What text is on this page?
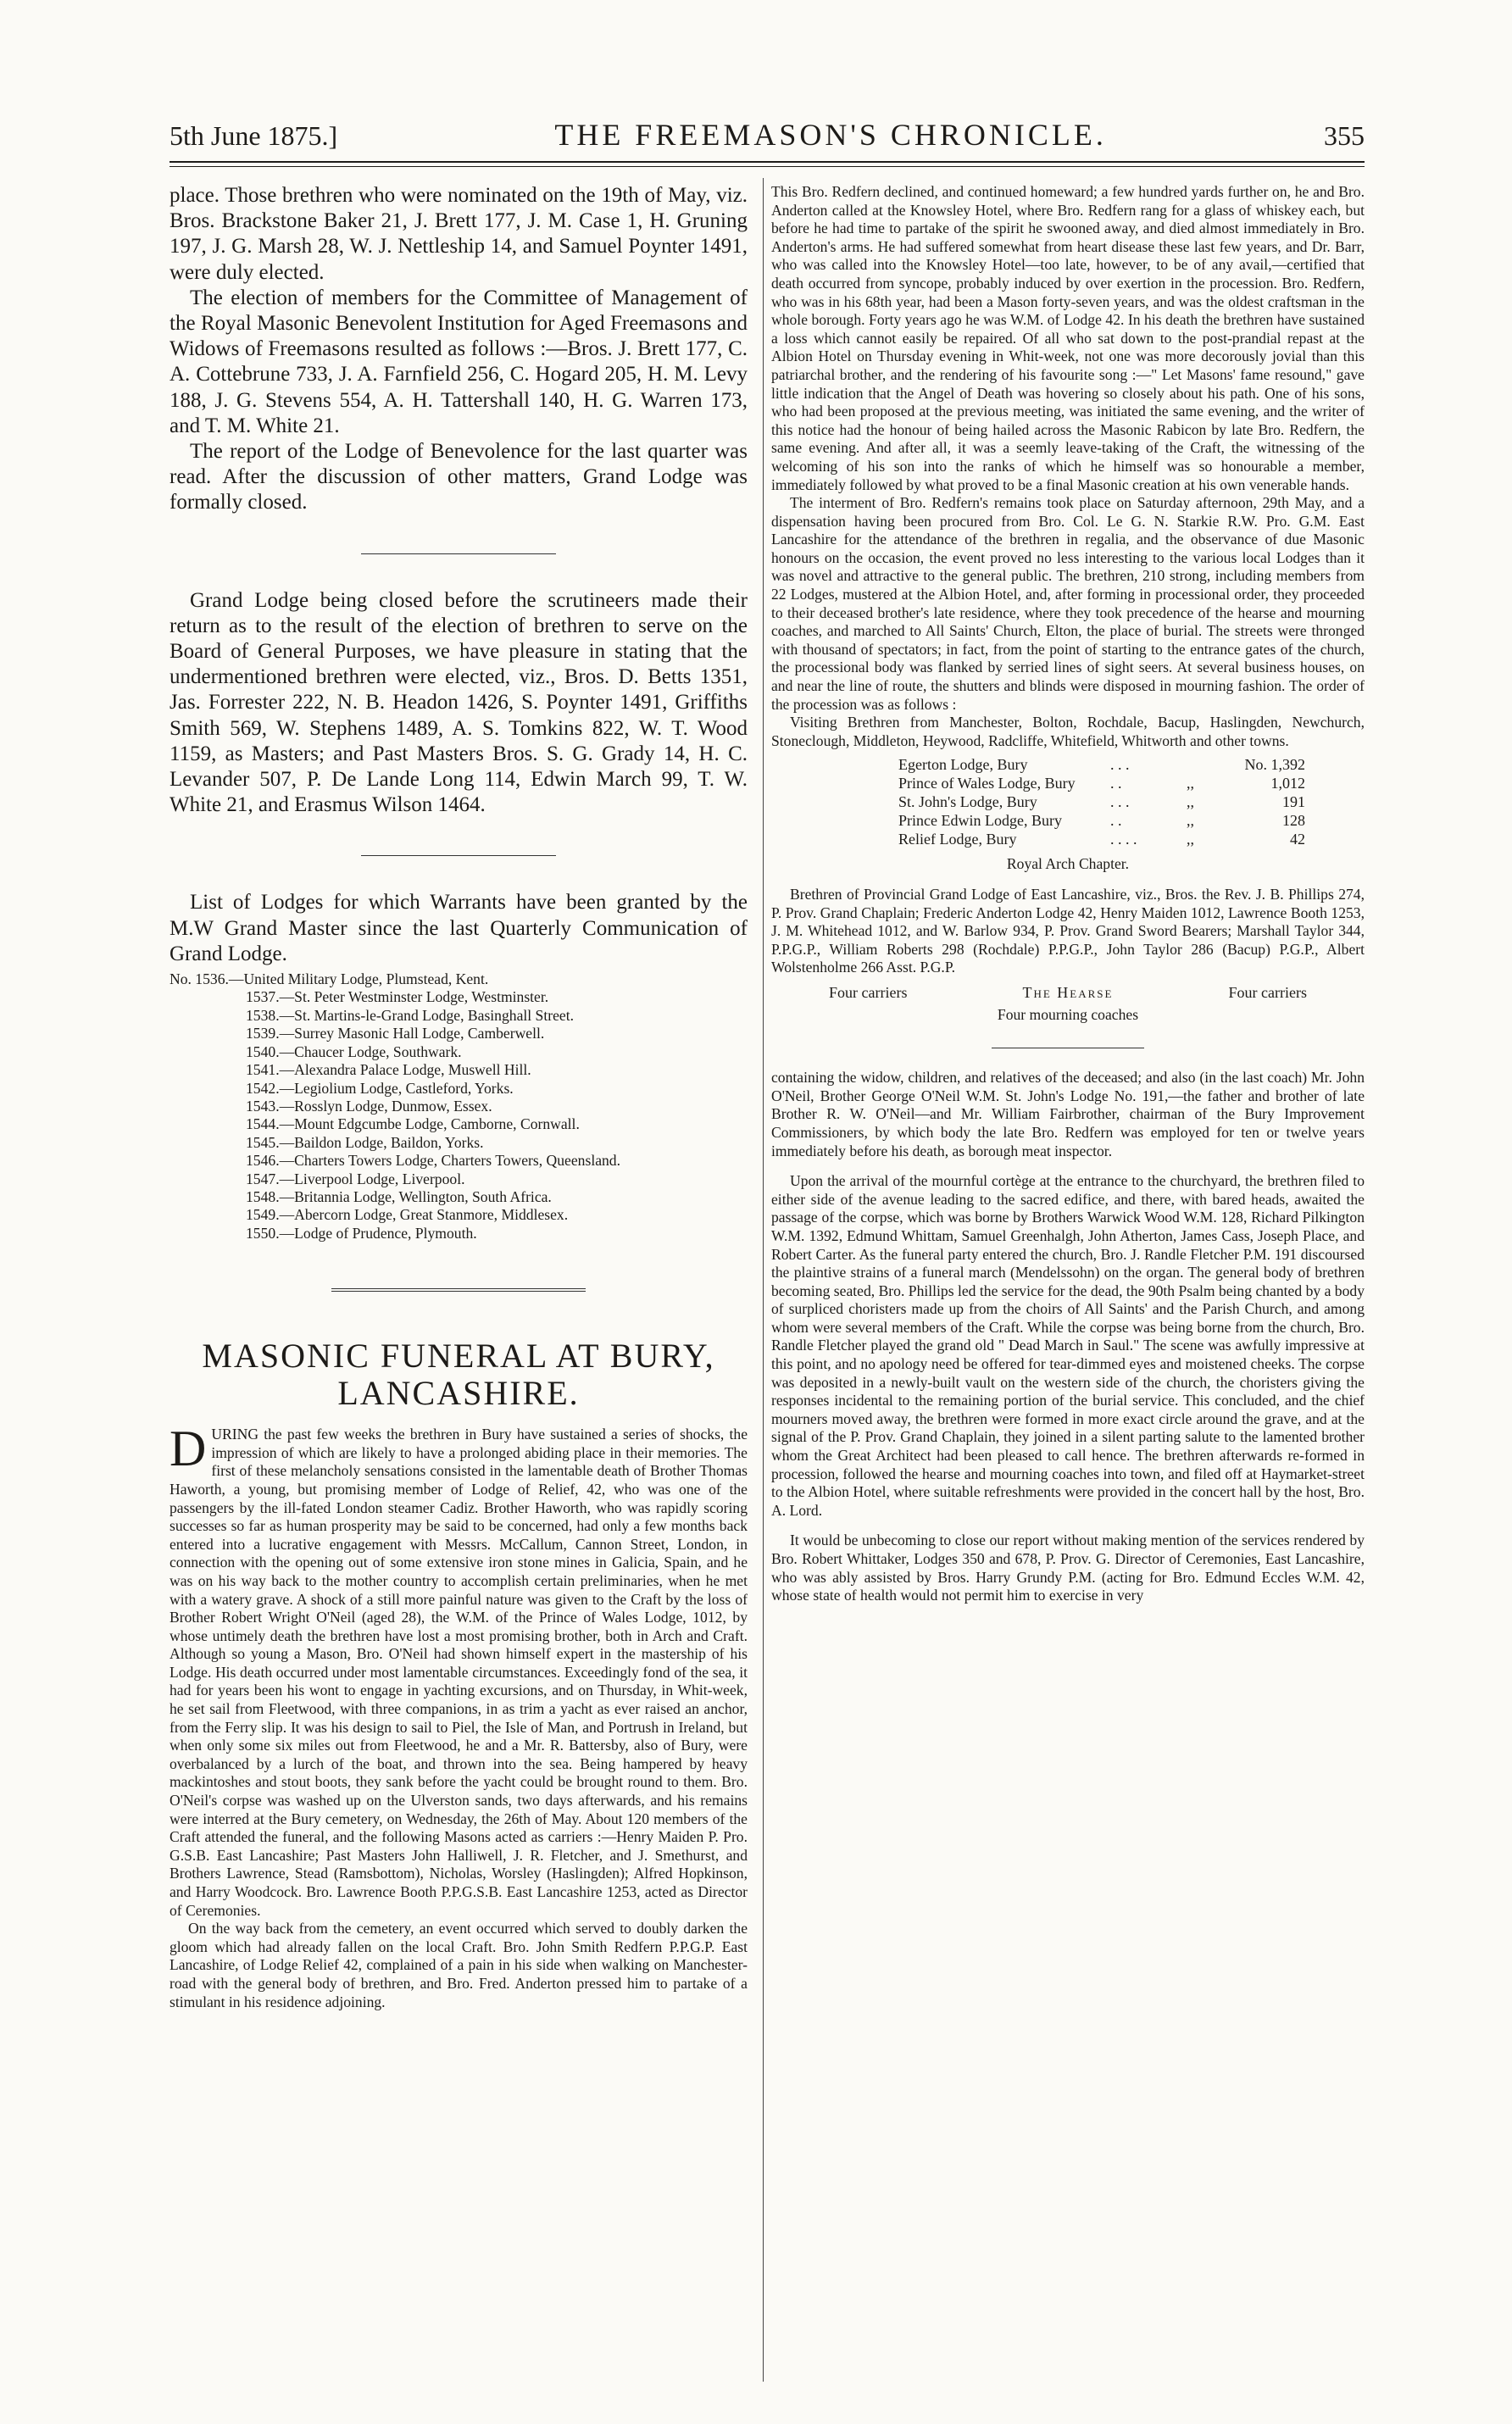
5th June 1875.]	THE FREEMASON'S CHRONICLE.	355

place. Those brethren who were nominated on the 19th of May, viz. Bros. Brackstone Baker 21, J. Brett 177, J. M. Case 1, H. Gruning 197, J. G. Marsh 28, W. J. Nettleship 14, and Samuel Poynter 1491, were duly elected.

The election of members for the Committee of Management of the Royal Masonic Benevolent Institution for Aged Freemasons and Widows of Freemasons resulted as follows :—Bros. J. Brett 177, C. A. Cottebrune 733, J. A. Farnfield 256, C. Hogard 205, H. M. Levy 188, J. G. Stevens 554, A. H. Tattershall 140, H. G. Warren 173, and T. M. White 21.

The report of the Lodge of Benevolence for the last quarter was read. After the discussion of other matters, Grand Lodge was formally closed.

Grand Lodge being closed before the scrutineers made their return as to the result of the election of brethren to serve on the Board of General Purposes, we have pleasure in stating that the undermentioned brethren were elected, viz., Bros. D. Betts 1351, Jas. Forrester 222, N. B. Headon 1426, S. Poynter 1491, Griffiths Smith 569, W. Stephens 1489, A. S. Tomkins 822, W. T. Wood 1159, as Masters; and Past Masters Bros. S. G. Grady 14, H. C. Levander 507, P. De Lande Long 114, Edwin March 99, T. W. White 21, and Erasmus Wilson 1464.

List of Lodges for which Warrants have been granted by the M.W Grand Master since the last Quarterly Communication of Grand Lodge.

No. 1536.—United Military Lodge, Plumstead, Kent.
1537.—St. Peter Westminster Lodge, Westminster.
1538.—St. Martins-le-Grand Lodge, Basinghall Street.
1539.—Surrey Masonic Hall Lodge, Camberwell.
1540.—Chaucer Lodge, Southwark.
1541.—Alexandra Palace Lodge, Muswell Hill.
1542.—Legiolium Lodge, Castleford, Yorks.
1543.—Rosslyn Lodge, Dunmow, Essex.
1544.—Mount Edgcumbe Lodge, Camborne, Cornwall.
1545.—Baildon Lodge, Baildon, Yorks.
1546.—Charters Towers Lodge, Charters Towers, Queensland.
1547.—Liverpool Lodge, Liverpool.
1548.—Britannia Lodge, Wellington, South Africa.
1549.—Abercorn Lodge, Great Stanmore, Middlesex.
1550.—Lodge of Prudence, Plymouth.
MASONIC FUNERAL AT BURY,
LANCASHIRE.

DURING the past few weeks the brethren in Bury have sustained a series of shocks, the impression of which are likely to have a prolonged abiding place in their memories. The first of these melancholy sensations consisted in the lamentable death of Brother Thomas Haworth, a young, but promising member of Lodge of Relief, 42, who was one of the passengers by the ill-fated London steamer Cadiz. Brother Haworth, who was rapidly scoring successes so far as human prosperity may be said to be concerned, had only a few months back entered into a lucrative engagement with Messrs. McCallum, Cannon Street, London, in connection with the opening out of some extensive iron stone mines in Galicia, Spain, and he was on his way back to the mother country to accomplish certain preliminaries, when he met with a watery grave. A shock of a still more painful nature was given to the Craft by the loss of Brother Robert Wright O'Neil (aged 28), the W.M. of the Prince of Wales Lodge, 1012, by whose untimely death the brethren have lost a most promising brother, both in Arch and Craft. Although so young a Mason, Bro. O'Neil had shown himself expert in the mastership of his Lodge. His death occurred under most lamentable circumstances. Exceedingly fond of the sea, it had for years been his wont to engage in yachting excursions, and on Thursday, in Whit-week, he set sail from Fleetwood, with three companions, in as trim a yacht as ever raised an anchor, from the Ferry slip. It was his design to sail to Piel, the Isle of Man, and Portrush in Ireland, but when only some six miles out from Fleetwood, he and a Mr. R. Battersby, also of Bury, were overbalanced by a lurch of the boat, and thrown into the sea. Being hampered by heavy mackintoshes and stout boots, they sank before the yacht could be brought round to them. Bro. O'Neil's corpse was washed up on the Ulverston sands, two days afterwards, and his remains were interred at the Bury cemetery, on Wednesday, the 26th of May. About 120 members of the Craft attended the funeral, and the following Masons acted as carriers :—Henry Maiden P. Pro. G.S.B. East Lancashire; Past Masters John Halliwell, J. R. Fletcher, and J. Smethurst, and Brothers Lawrence, Stead (Ramsbottom), Nicholas, Worsley (Haslingden); Alfred Hopkinson, and Harry Woodcock. Bro. Lawrence Booth P.P.G.S.B. East Lancashire 1253, acted as Director of Ceremonies.

On the way back from the cemetery, an event occurred which served to doubly darken the gloom which had already fallen on the local Craft. Bro. John Smith Redfern P.P.G.P. East Lancashire, of Lodge Relief 42, complained of a pain in his side when walking on Manchester-road with the general body of brethren, and Bro. Fred. Anderton pressed him to partake of a stimulant in his residence adjoining.

This Bro. Redfern declined, and continued homeward; a few hundred yards further on, he and Bro. Anderton called at the Knowsley Hotel, where Bro. Redfern rang for a glass of whiskey each, but before he had time to partake of the spirit he swooned away, and died almost immediately in Bro. Anderton's arms. He had suffered somewhat from heart disease these last few years, and Dr. Barr, who was called into the Knowsley Hotel—too late, however, to be of any avail,—certified that death occurred from syncope, probably induced by over exertion in the procession. Bro. Redfern, who was in his 68th year, had been a Mason forty-seven years, and was the oldest craftsman in the whole borough. Forty years ago he was W.M. of Lodge 42. In his death the brethren have sustained a loss which cannot easily be repaired. Of all who sat down to the post-prandial repast at the Albion Hotel on Thursday evening in Whit-week, not one was more decorously jovial than this patriarchal brother, and the rendering of his favourite song :—" Let Masons' fame resound," gave little indication that the Angel of Death was hovering so closely about his path. One of his sons, who had been proposed at the previous meeting, was initiated the same evening, and the writer of this notice had the honour of being hailed across the Masonic Rabicon by late Bro. Redfern, the same evening. And after all, it was a seemly leave-taking of the Craft, the witnessing of the welcoming of his son into the ranks of which he himself was so honourable a member, immediately followed by what proved to be a final Masonic creation at his own venerable hands.

The interment of Bro. Redfern's remains took place on Saturday afternoon, 29th May, and a dispensation having been procured from Bro. Col. Le G. N. Starkie R.W. Pro. G.M. East Lancashire for the attendance of the brethren in regalia, and the observance of due Masonic honours on the occasion, the event proved no less interesting to the various local Lodges than it was novel and attractive to the general public. The brethren, 210 strong, including members from 22 Lodges, mustered at the Albion Hotel, and, after forming in processional order, they proceeded to their deceased brother's late residence, where they took precedence of the hearse and mourning coaches, and marched to All Saints' Church, Elton, the place of burial. The streets were thronged with thousand of spectators; in fact, from the point of starting to the entrance gates of the church, the processional body was flanked by serried lines of sight seers. At several business houses, on and near the line of route, the shutters and blinds were disposed in mourning fashion. The order of the procession was as follows :

Visiting Brethren from Manchester, Bolton, Rochdale, Bacup, Haslingden, Newchurch, Stoneclough, Middleton, Heywood, Radcliffe, Whitefield, Whitworth and other towns.

Egerton Lodge, Bury	. . .	No. 1,392
Prince of Wales Lodge, Bury	. .	,,	1,012
St. John's Lodge, Bury	. . .	,,	191
Prince Edwin Lodge, Bury	. .	,,	128
Relief Lodge, Bury	. . . .	,,	42

Royal Arch Chapter.

Brethren of Provincial Grand Lodge of East Lancashire, viz., Bros. the Rev. J. B. Phillips 274, P. Prov. Grand Chaplain; Frederic Anderton Lodge 42, Henry Maiden 1012, Lawrence Booth 1253, J. M. Whitehead 1012, and W. Barlow 934, P. Prov. Grand Sword Bearers; Marshall Taylor 344, P.P.G.P., William Roberts 298 (Rochdale) P.P.G.P., John Taylor 286 (Bacup) P.G.P., Albert Wolstenholme 266 Asst. P.G.P.

Four carriers	The Hearse	Four carriers

Four mourning coaches

containing the widow, children, and relatives of the deceased; and also (in the last coach) Mr. John O'Neil, Brother George O'Neil W.M. St. John's Lodge No. 191,—the father and brother of late Brother R. W. O'Neil—and Mr. William Fairbrother, chairman of the Bury Improvement Commissioners, by which body the late Bro. Redfern was employed for ten or twelve years immediately before his death, as borough meat inspector.

Upon the arrival of the mournful cortège at the entrance to the churchyard, the brethren filed to either side of the avenue leading to the sacred edifice, and there, with bared heads, awaited the passage of the corpse, which was borne by Brothers Warwick Wood W.M. 128, Richard Pilkington W.M. 1392, Edmund Whittam, Samuel Greenhalgh, John Atherton, James Cass, Joseph Place, and Robert Carter. As the funeral party entered the church, Bro. J. Randle Fletcher P.M. 191 discoursed the plaintive strains of a funeral march (Mendelssohn) on the organ. The general body of brethren becoming seated, Bro. Phillips led the service for the dead, the 90th Psalm being chanted by a body of surpliced choristers made up from the choirs of All Saints' and the Parish Church, and among whom were several members of the Craft. While the corpse was being borne from the church, Bro. Randle Fletcher played the grand old " Dead March in Saul." The scene was awfully impressive at this point, and no apology need be offered for tear-dimmed eyes and moistened cheeks. The corpse was deposited in a newly-built vault on the western side of the church, the choristers giving the responses incidental to the remaining portion of the burial service. This concluded, and the chief mourners moved away, the brethren were formed in more exact circle around the grave, and at the signal of the P. Prov. Grand Chaplain, they joined in a silent parting salute to the lamented brother whom the Great Architect had been pleased to call hence. The brethren afterwards re-formed in procession, followed the hearse and mourning coaches into town, and filed off at Haymarket-street to the Albion Hotel, where suitable refreshments were provided in the concert hall by the host, Bro. A. Lord.

It would be unbecoming to close our report without making mention of the services rendered by Bro. Robert Whittaker, Lodges 350 and 678, P. Prov. G. Director of Ceremonies, East Lancashire, who was ably assisted by Bros. Harry Grundy P.M. (acting for Bro. Edmund Eccles W.M. 42, whose state of health would not permit him to exercise in very
